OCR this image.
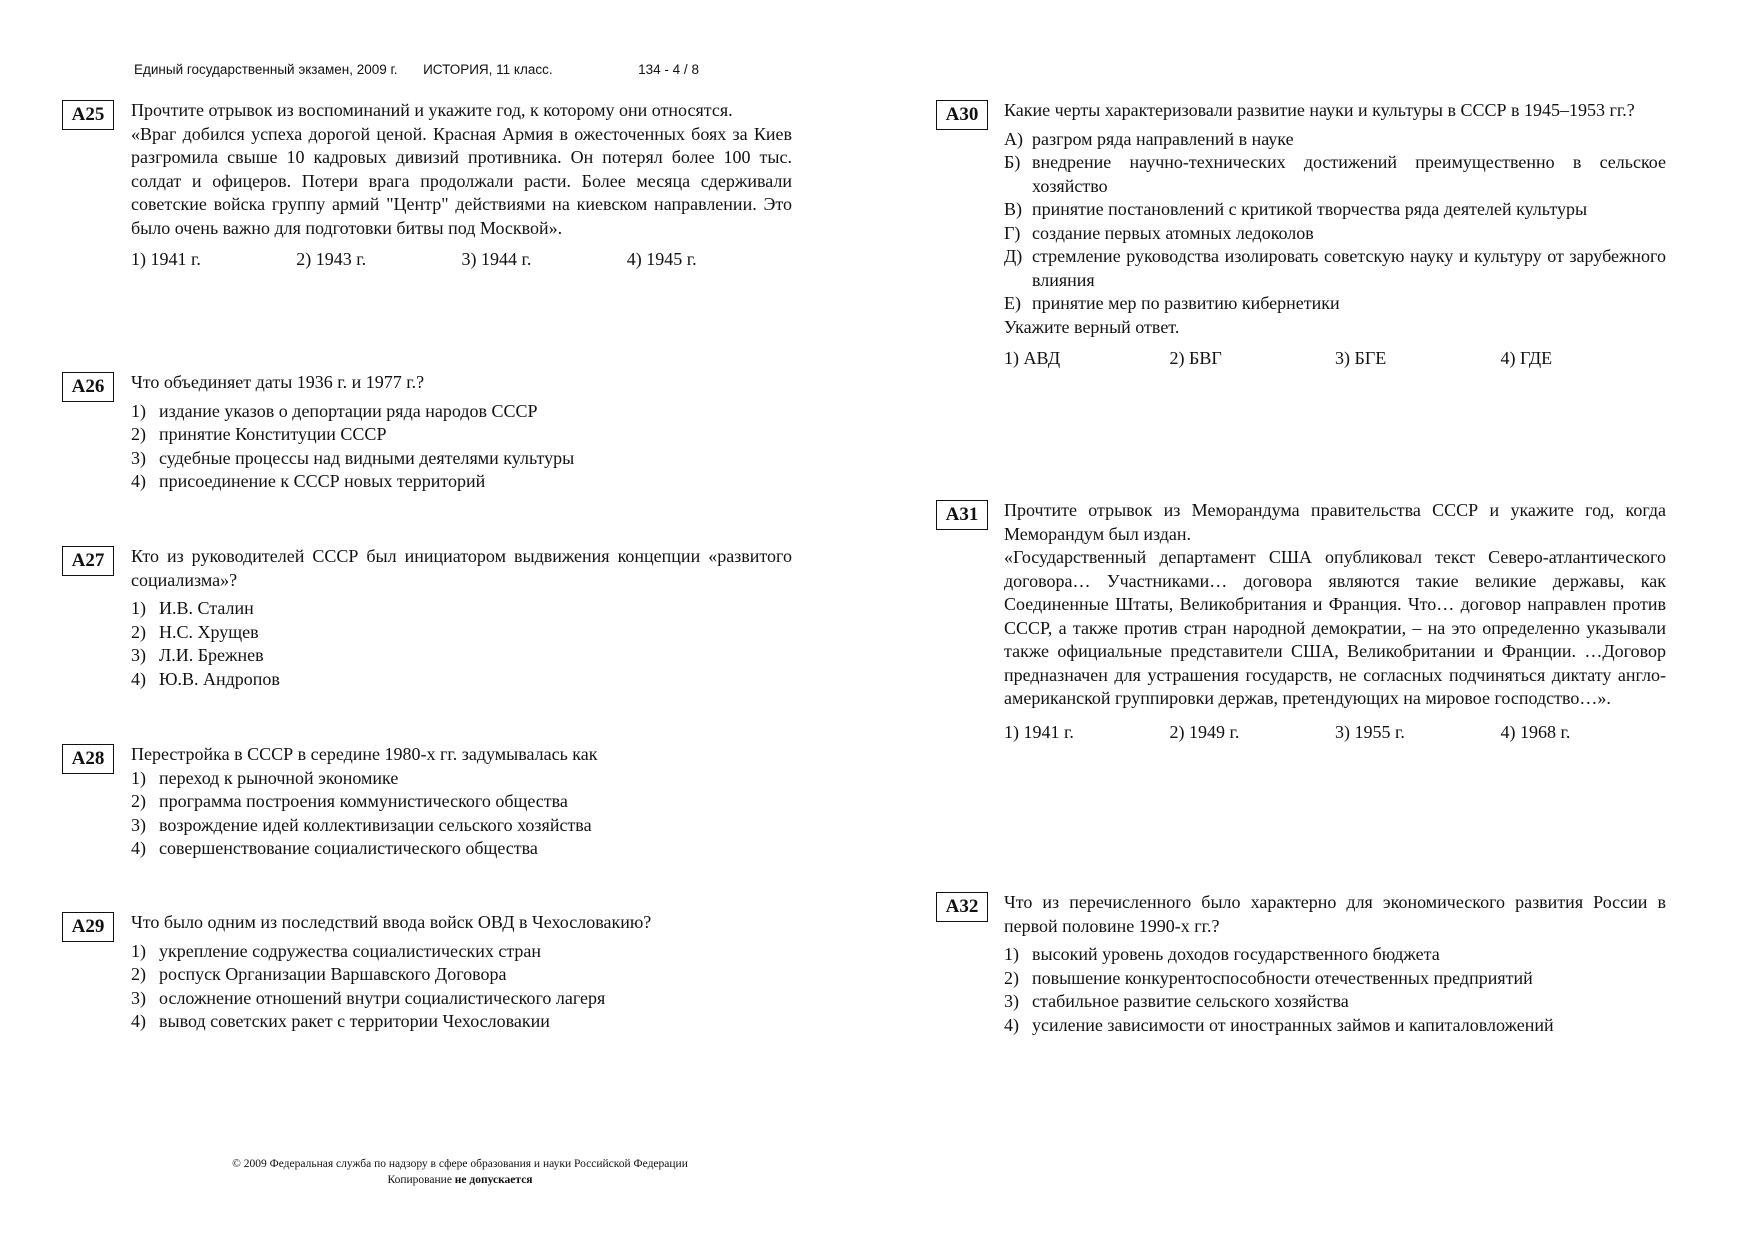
Единый государственный экзамен, 2009 г. ИСТОРИЯ, 11 класс.	134 - 4 / 8
A25	Прочтите отрывок из воспоминаний и укажите год, к которому они относятся.

«Враг добился успеха дорогой ценой. Красная Армия в ожесточенных боях за Киев разгромила свыше 10 кадровых дивизий противника. Он потерял более 100 тыс. солдат и офицеров. Потери врага продолжали расти. Более месяца сдерживали советские войска группу армий "Центр" действиями на киевском направлении. Это было очень важно для подготовки битвы под Москвой».

1) 1941 г.	2) 1943 г.	3) 1944 г.	4) 1945 г.
A26	Что объединяет даты 1936 г. и 1977 г.?

1) издание указов о депортации ряда народов СССР
2) принятие Конституции СССР
3) судебные процессы над видными деятелями культуры
4) присоединение к СССР новых территорий
A27	Кто из руководителей СССР был инициатором выдвижения концепции «развитого социализма»?

1) И.В. Сталин
2) Н.С. Хрущев
3) Л.И. Брежнев
4) Ю.В. Андропов
A28	Перестройка в СССР в середине 1980-х гг. задумывалась как

1) переход к рыночной экономике
2) программа построения коммунистического общества
3) возрождение идей коллективизации сельского хозяйства
4) совершенствование социалистического общества
A29	Что было одним из последствий ввода войск ОВД в Чехословакию?

1) укрепление содружества социалистических стран
2) роспуск Организации Варшавского Договора
3) осложнение отношений внутри социалистического лагеря
4) вывод советских ракет с территории Чехословакии
A30	Какие черты характеризовали развитие науки и культуры в СССР в 1945–1953 гг.?

А) разгром ряда направлений в науке
Б) внедрение научно-технических достижений преимущественно в сельское хозяйство
В) принятие постановлений с критикой творчества ряда деятелей культуры
Г) создание первых атомных ледоколов
Д) стремление руководства изолировать советскую науку и культуру от зарубежного влияния
Е) принятие мер по развитию кибернетики

Укажите верный ответ.

1) АВД	2) БВГ	3) БГЕ	4) ГДЕ
A31	Прочтите отрывок из Меморандума правительства СССР и укажите год, когда Меморандум был издан.

«Государственный департамент США опубликовал текст Северо-атлантического договора… Участниками… договора являются такие великие державы, как Соединенные Штаты, Великобритания и Франция. Что… договор направлен против СССР, а также против стран народной демократии, – на это определенно указывали также официальные представители США, Великобритании и Франции. …Договор предназначен для устрашения государств, не согласных подчиняться диктату англо-американской группировки держав, претендующих на мировое господство…».

1) 1941 г.	2) 1949 г.	3) 1955 г.	4) 1968 г.
A32	Что из перечисленного было характерно для экономического развития России в первой половине 1990-х гг.?

1) высокий уровень доходов государственного бюджета
2) повышение конкурентоспособности отечественных предприятий
3) стабильное развитие сельского хозяйства
4) усиление зависимости от иностранных займов и капиталовложений
© 2009 Федеральная служба по надзору в сфере образования и науки Российской Федерации
Копирование не допускается
